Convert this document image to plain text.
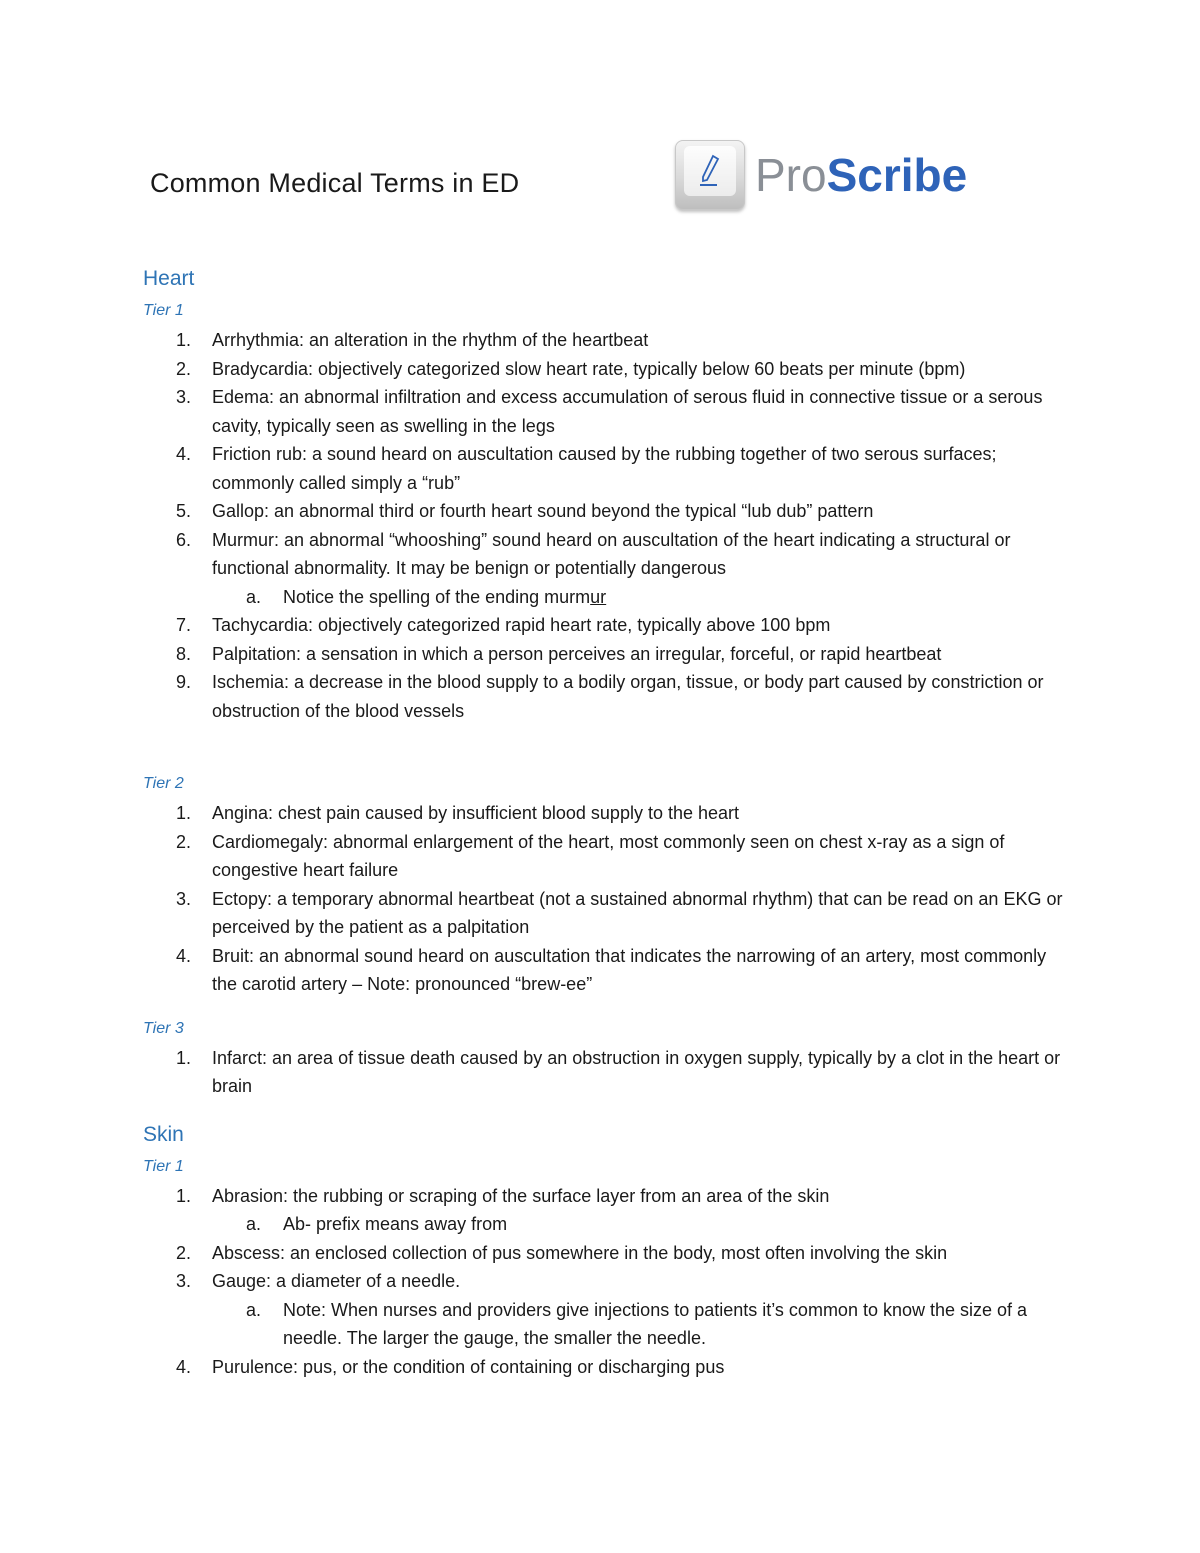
Common Medical Terms in ED	ProScribe
Heart
Tier 1
1. Arrhythmia: an alteration in the rhythm of the heartbeat
2. Bradycardia: objectively categorized slow heart rate, typically below 60 beats per minute (bpm)
3. Edema: an abnormal infiltration and excess accumulation of serous fluid in connective tissue or a serous cavity, typically seen as swelling in the legs
4. Friction rub: a sound heard on auscultation caused by the rubbing together of two serous surfaces; commonly called simply a “rub”
5. Gallop: an abnormal third or fourth heart sound beyond the typical “lub dub” pattern
6. Murmur: an abnormal “whooshing” sound heard on auscultation of the heart indicating a structural or functional abnormality. It may be benign or potentially dangerous
a. Notice the spelling of the ending murmur
7. Tachycardia: objectively categorized rapid heart rate, typically above 100 bpm
8. Palpitation: a sensation in which a person perceives an irregular, forceful, or rapid heartbeat
9. Ischemia: a decrease in the blood supply to a bodily organ, tissue, or body part caused by constriction or obstruction of the blood vessels
Tier 2
1. Angina: chest pain caused by insufficient blood supply to the heart
2. Cardiomegaly: abnormal enlargement of the heart, most commonly seen on chest x-ray as a sign of congestive heart failure
3. Ectopy: a temporary abnormal heartbeat (not a sustained abnormal rhythm) that can be read on an EKG or perceived by the patient as a palpitation
4. Bruit: an abnormal sound heard on auscultation that indicates the narrowing of an artery, most commonly the carotid artery – Note: pronounced “brew-ee”
Tier 3
1. Infarct: an area of tissue death caused by an obstruction in oxygen supply, typically by a clot in the heart or brain
Skin
Tier 1
1. Abrasion: the rubbing or scraping of the surface layer from an area of the skin
a. Ab- prefix means away from
2. Abscess: an enclosed collection of pus somewhere in the body, most often involving the skin
3. Gauge: a diameter of a needle.
a. Note: When nurses and providers give injections to patients it’s common to know the size of a needle. The larger the gauge, the smaller the needle.
4. Purulence: pus, or the condition of containing or discharging pus
